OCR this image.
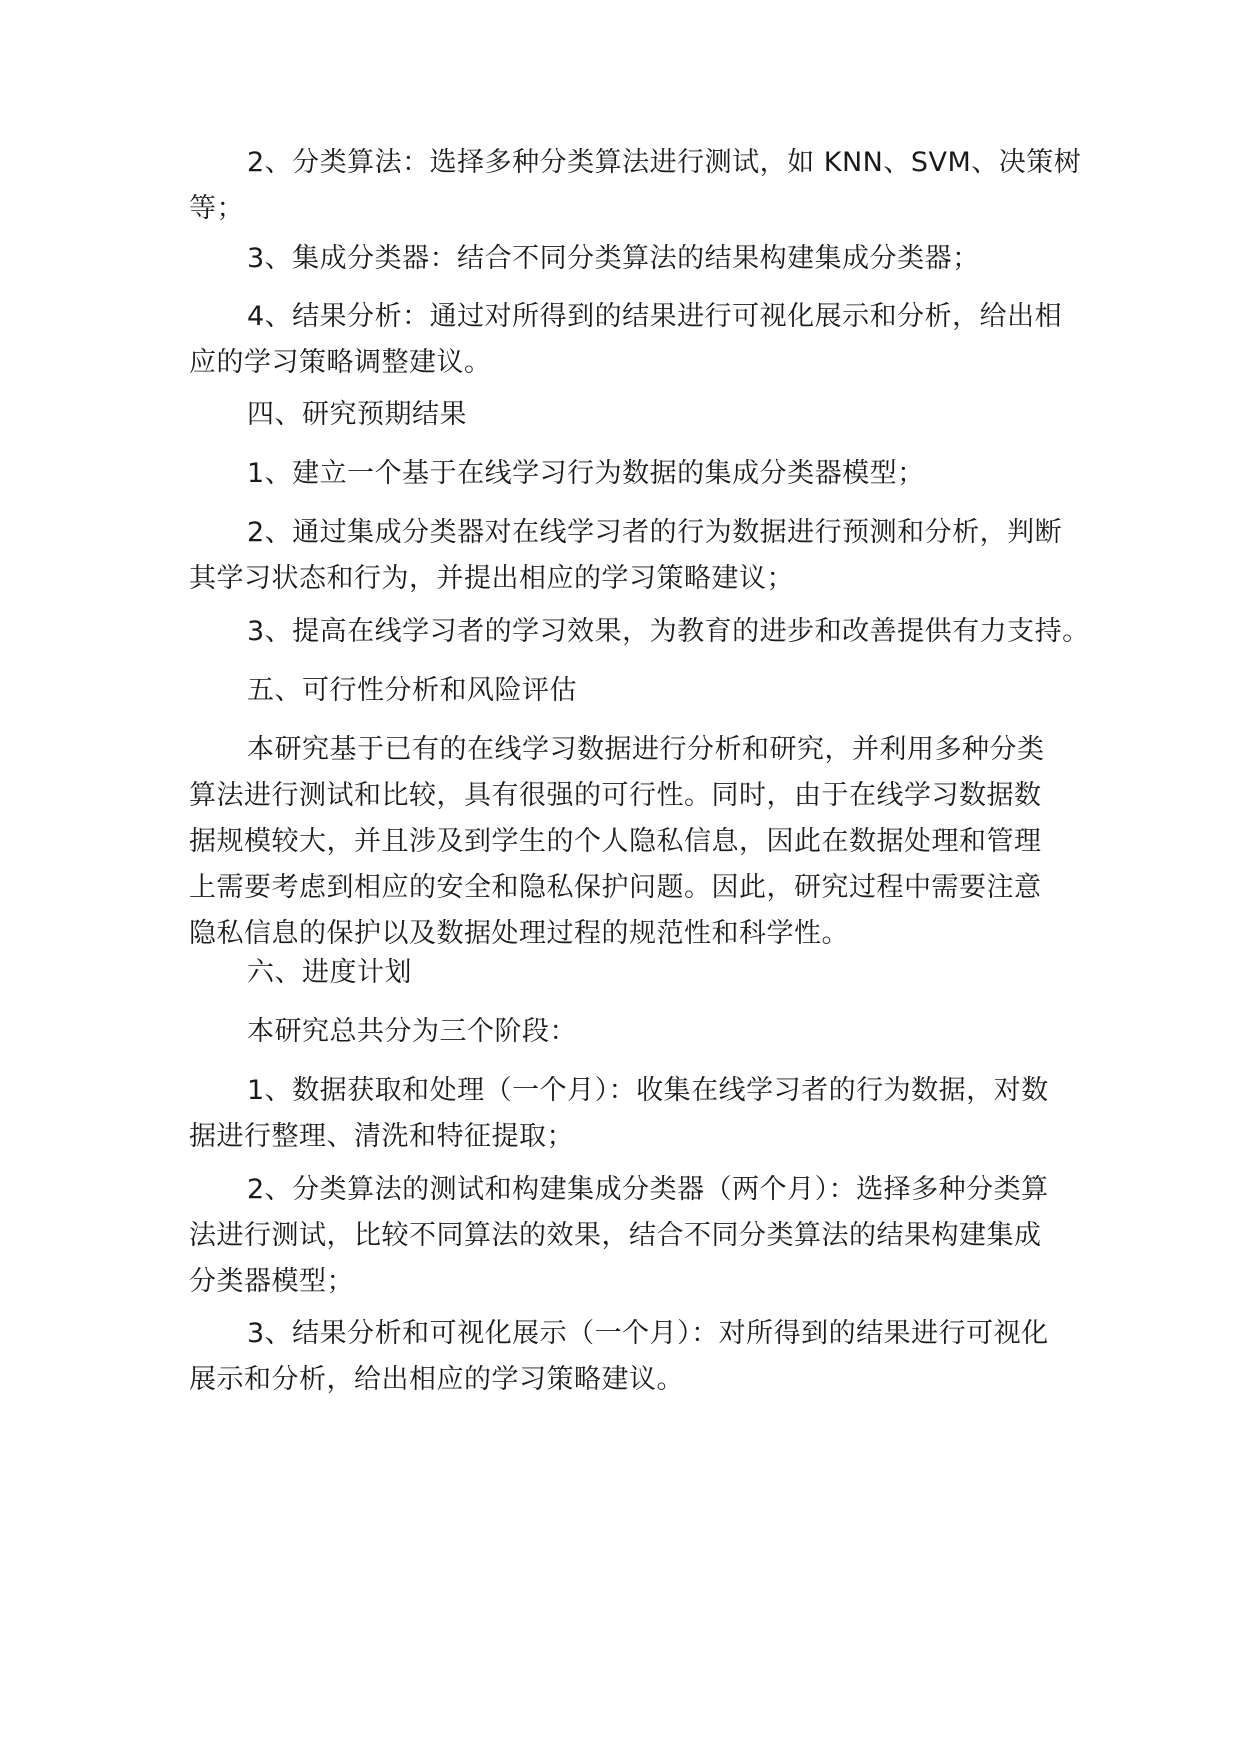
2、分类算法：选择多种分类算法进行测试，如 KNN、SVM、决策树
等；
3、集成分类器：结合不同分类算法的结果构建集成分类器；
4、结果分析：通过对所得到的结果进行可视化展示和分析，给出相
应的学习策略调整建议。
四、研究预期结果
1、建立一个基于在线学习行为数据的集成分类器模型；
2、通过集成分类器对在线学习者的行为数据进行预测和分析，判断
其学习状态和行为，并提出相应的学习策略建议；
3、提高在线学习者的学习效果，为教育的进步和改善提供有力支持。
五、可行性分析和风险评估
本研究基于已有的在线学习数据进行分析和研究，并利用多种分类
算法进行测试和比较，具有很强的可行性。同时，由于在线学习数据数
据规模较大，并且涉及到学生的个人隐私信息，因此在数据处理和管理
上需要考虑到相应的安全和隐私保护问题。因此，研究过程中需要注意
隐私信息的保护以及数据处理过程的规范性和科学性。
六、进度计划
本研究总共分为三个阶段：
1、数据获取和处理（一个月）：收集在线学习者的行为数据，对数
据进行整理、清洗和特征提取；
2、分类算法的测试和构建集成分类器（两个月）：选择多种分类算
法进行测试，比较不同算法的效果，结合不同分类算法的结果构建集成
分类器模型；
3、结果分析和可视化展示（一个月）：对所得到的结果进行可视化
展示和分析，给出相应的学习策略建议。
